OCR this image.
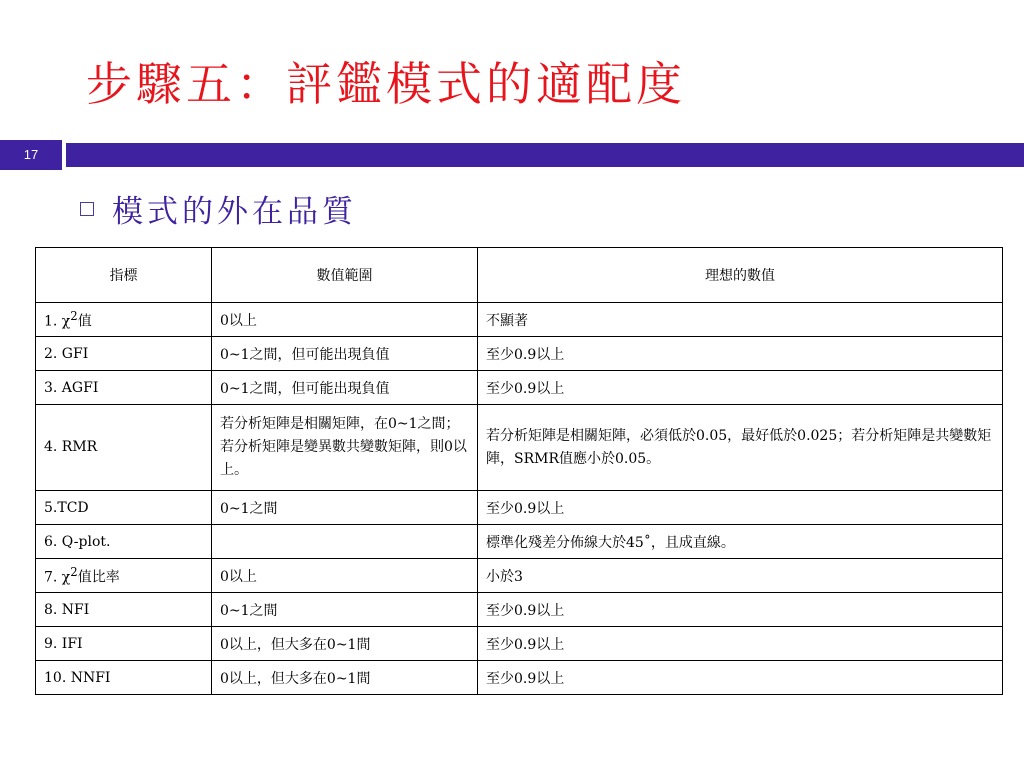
步驟五：評鑑模式的適配度
17
模式的外在品質
指標	數值範圍	理想的數值
1. $\chi^2$值	0以上	不顯著
2. GFI	0~1之間，但可能出現負值	至少0.9以上
3. AGFI	0~1之間，但可能出現負值	至少0.9以上
4. RMR	若分析矩陣是相關矩陣，在0~1之間；若分析矩陣是變異數共變數矩陣，則0以上。	若分析矩陣是相關矩陣，必須低於0.05，最好低於0.025；若分析矩陣是共變數矩陣，SRMR值應小於0.05。
5.TCD	0~1之間	至少0.9以上
6. Q-plot.		標準化殘差分佈線大於45˚，且成直線。
7. $\chi^2$值比率	0以上	小於3
8. NFI	0~1之間	至少0.9以上
9. IFI	0以上，但大多在0~1間	至少0.9以上
10. NNFI	0以上，但大多在0~1間	至少0.9以上
